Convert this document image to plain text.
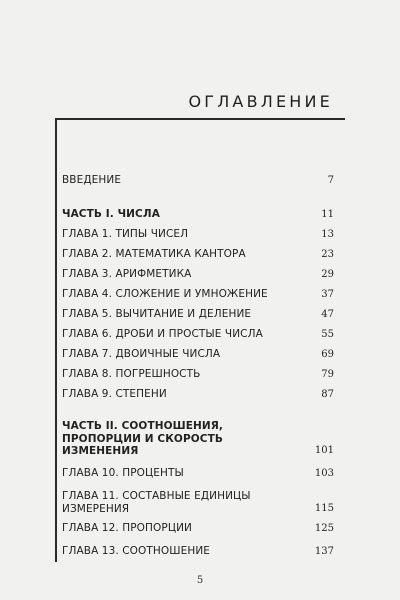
ОГЛАВЛЕНИЕ
ВВЕДЕНИЕ	7
ЧАСТЬ I. ЧИСЛА	11
ГЛАВА 1. ТИПЫ ЧИСЕЛ	13
ГЛАВА 2. МАТЕМАТИКА КАНТОРА	23
ГЛАВА 3. АРИФМЕТИКА	29
ГЛАВА 4. СЛОЖЕНИЕ И УМНОЖЕНИЕ	37
ГЛАВА 5. ВЫЧИТАНИЕ И ДЕЛЕНИЕ	47
ГЛАВА 6. ДРОБИ И ПРОСТЫЕ ЧИСЛА	55
ГЛАВА 7. ДВОИЧНЫЕ ЧИСЛА	69
ГЛАВА 8. ПОГРЕШНОСТЬ	79
ГЛАВА 9. СТЕПЕНИ	87
ЧАСТЬ II. СООТНОШЕНИЯ, ПРОПОРЦИИ И СКОРОСТЬ ИЗМЕНЕНИЯ	101
ГЛАВА 10. ПРОЦЕНТЫ	103
ГЛАВА 11. СОСТАВНЫЕ ЕДИНИЦЫ ИЗМЕРЕНИЯ	115
ГЛАВА 12. ПРОПОРЦИИ	125
ГЛАВА 13. СООТНОШЕНИЕ	137
5
